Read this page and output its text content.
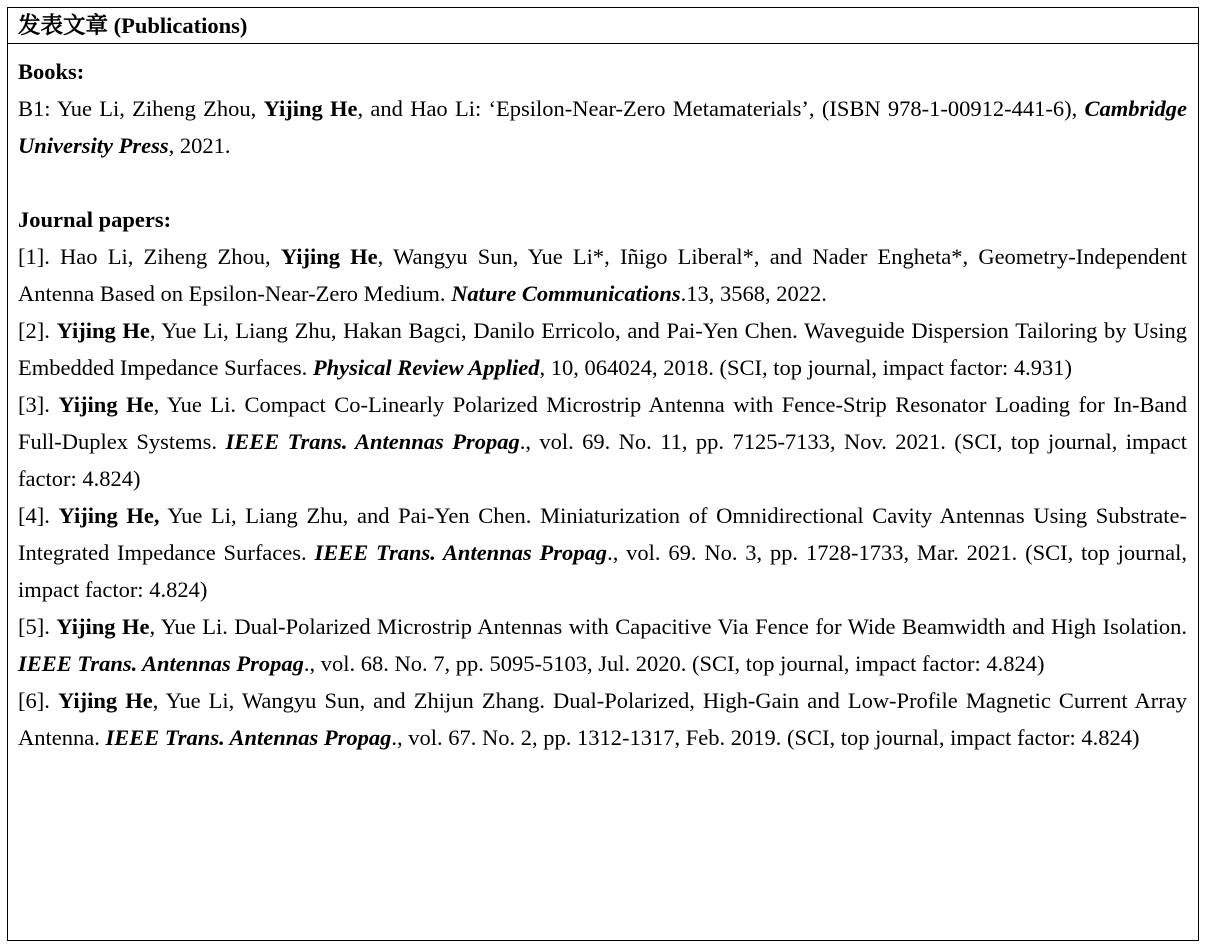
发表文章 (Publications)
Books:
B1: Yue Li, Ziheng Zhou, Yijing He, and Hao Li: ‘Epsilon-Near-Zero Metamaterials’, (ISBN 978-1-00912-441-6), Cambridge University Press, 2021.
Journal papers:
[1]. Hao Li, Ziheng Zhou, Yijing He, Wangyu Sun, Yue Li*, Iñigo Liberal*, and Nader Engheta*, Geometry-Independent Antenna Based on Epsilon-Near-Zero Medium. Nature Communications.13, 3568, 2022.
[2]. Yijing He, Yue Li, Liang Zhu, Hakan Bagci, Danilo Erricolo, and Pai-Yen Chen. Waveguide Dispersion Tailoring by Using Embedded Impedance Surfaces. Physical Review Applied, 10, 064024, 2018. (SCI, top journal, impact factor: 4.931)
[3]. Yijing He, Yue Li. Compact Co-Linearly Polarized Microstrip Antenna with Fence-Strip Resonator Loading for In-Band Full-Duplex Systems. IEEE Trans. Antennas Propag., vol. 69. No. 11, pp. 7125-7133, Nov. 2021. (SCI, top journal, impact factor: 4.824)
[4]. Yijing He, Yue Li, Liang Zhu, and Pai-Yen Chen. Miniaturization of Omnidirectional Cavity Antennas Using Substrate-Integrated Impedance Surfaces. IEEE Trans. Antennas Propag., vol. 69. No. 3, pp. 1728-1733, Mar. 2021. (SCI, top journal, impact factor: 4.824)
[5]. Yijing He, Yue Li. Dual-Polarized Microstrip Antennas with Capacitive Via Fence for Wide Beamwidth and High Isolation. IEEE Trans. Antennas Propag., vol. 68. No. 7, pp. 5095-5103, Jul. 2020. (SCI, top journal, impact factor: 4.824)
[6]. Yijing He, Yue Li, Wangyu Sun, and Zhijun Zhang. Dual-Polarized, High-Gain and Low-Profile Magnetic Current Array Antenna. IEEE Trans. Antennas Propag., vol. 67. No. 2, pp. 1312-1317, Feb. 2019. (SCI, top journal, impact factor: 4.824)
